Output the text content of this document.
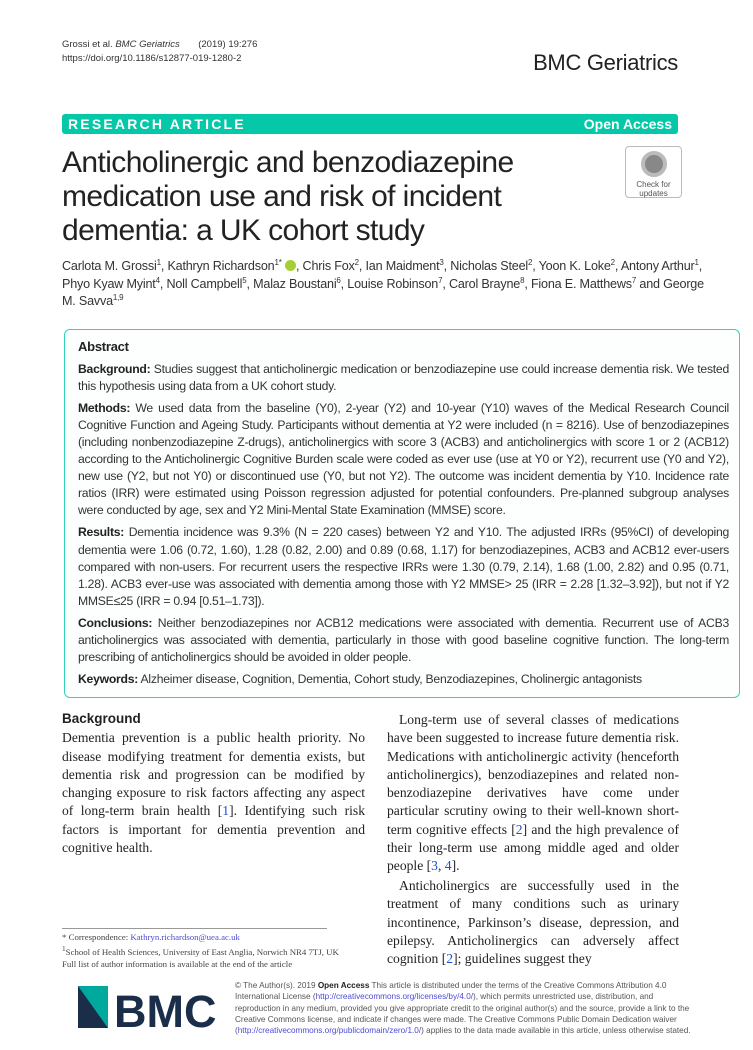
Grossi et al. BMC Geriatrics (2019) 19:276
https://doi.org/10.1186/s12877-019-1280-2	BMC Geriatrics
RESEARCH ARTICLE	Open Access
Anticholinergic and benzodiazepine medication use and risk of incident dementia: a UK cohort study
Check for
updates
Carlota M. Grossi$^1$, Kathryn Richardson$^{1*}$ , Chris Fox$^2$, Ian Maidment$^3$, Nicholas Steel$^2$, Yoon K. Loke$^2$, Antony Arthur$^1$, Phyo Kyaw Myint$^4$, Noll Campbell$^5$, Malaz Boustani$^6$, Louise Robinson$^7$, Carol Brayne$^8$, Fiona E. Matthews$^7$ and George M. Savva$^{1,9}$
Abstract

Background: Studies suggest that anticholinergic medication or benzodiazepine use could increase dementia risk. We tested this hypothesis using data from a UK cohort study.

Methods: We used data from the baseline (Y0), 2-year (Y2) and 10-year (Y10) waves of the Medical Research Council Cognitive Function and Ageing Study. Participants without dementia at Y2 were included (n = 8216). Use of benzodiazepines (including nonbenzodiazepine Z-drugs), anticholinergics with score 3 (ACB3) and anticholinergics with score 1 or 2 (ACB12) according to the Anticholinergic Cognitive Burden scale were coded as ever use (use at Y0 or Y2), recurrent use (Y0 and Y2), new use (Y2, but not Y0) or discontinued use (Y0, but not Y2). The outcome was incident dementia by Y10. Incidence rate ratios (IRR) were estimated using Poisson regression adjusted for potential confounders. Pre-planned subgroup analyses were conducted by age, sex and Y2 Mini-Mental State Examination (MMSE) score.

Results: Dementia incidence was 9.3% (N = 220 cases) between Y2 and Y10. The adjusted IRRs (95%CI) of developing dementia were 1.06 (0.72, 1.60), 1.28 (0.82, 2.00) and 0.89 (0.68, 1.17) for benzodiazepines, ACB3 and ACB12 ever-users compared with non-users. For recurrent users the respective IRRs were 1.30 (0.79, 2.14), 1.68 (1.00, 2.82) and 0.95 (0.71, 1.28). ACB3 ever-use was associated with dementia among those with Y2 MMSE> 25 (IRR = 2.28 [1.32–3.92]), but not if Y2 MMSE≤25 (IRR = 0.94 [0.51–1.73]).

Conclusions: Neither benzodiazepines nor ACB12 medications were associated with dementia. Recurrent use of ACB3 anticholinergics was associated with dementia, particularly in those with good baseline cognitive function. The long-term prescribing of anticholinergics should be avoided in older people.

Keywords: Alzheimer disease, Cognition, Dementia, Cohort study, Benzodiazepines, Cholinergic antagonists

Background

Dementia prevention is a public health priority. No disease modifying treatment for dementia exists, but dementia risk and progression can be modified by changing exposure to risk factors affecting any aspect of long-term brain health [1]. Identifying such risk factors is important for dementia prevention and cognitive health.

* Correspondence: Kathryn.richardson@uea.ac.uk
$^1$School of Health Sciences, University of East Anglia, Norwich NR4 7TJ, UK
Full list of author information is available at the end of the article

Long-term use of several classes of medications have been suggested to increase future dementia risk. Medications with anticholinergic activity (henceforth anticholinergics), benzodiazepines and related non-benzodiazepine derivatives have come under particular scrutiny owing to their well-known short-term cognitive effects [2] and the high prevalence of their long-term use among middle aged and older people [3, 4].

Anticholinergics are successfully used in the treatment of many conditions such as urinary incontinence, Parkinson’s disease, depression, and epilepsy. Anticholinergics can adversely affect cognition [2]; guidelines suggest they

BMC
© The Author(s). 2019 Open Access This article is distributed under the terms of the Creative Commons Attribution 4.0 International License (http://creativecommons.org/licenses/by/4.0/), which permits unrestricted use, distribution, and reproduction in any medium, provided you give appropriate credit to the original author(s) and the source, provide a link to the Creative Commons license, and indicate if changes were made. The Creative Commons Public Domain Dedication waiver (http://creativecommons.org/publicdomain/zero/1.0/) applies to the data made available in this article, unless otherwise stated.
